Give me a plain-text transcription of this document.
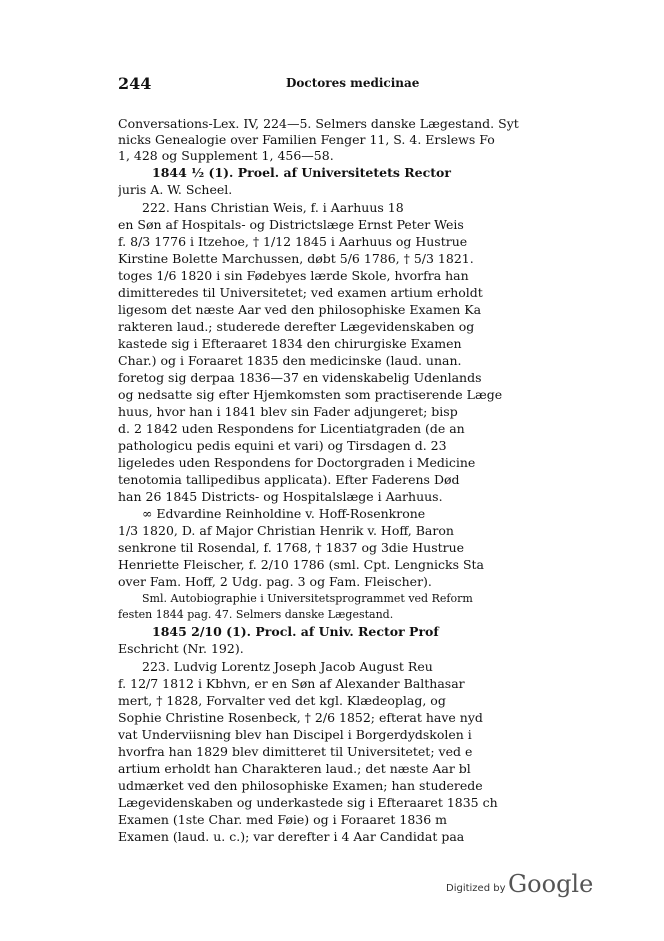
244	Doctores medicinae
Conversations-Lex. IV, 224—5. Selmers danske Lægestand. Syt
nicks Genealogie over Familien Fenger 11, S. 4. Erslews Fo
1, 428 og Supplement 1, 456—58.
1844 ½ (1). Proel. af Universitetets Rector
juris A. W. Scheel.
222. Hans Christian Weis, f. i Aarhuus 18
en Søn af Hospitals- og Districtslæge Ernst Peter Weis
f. 8/3 1776 i Itzehoe, † 1/12 1845 i Aarhuus og Hustrue
Kirstine Bolette Marchussen, døbt 5/6 1786, † 5/3 1821.
toges 1/6 1820 i sin Fødebyes lærde Skole, hvorfra han
dimitteredes til Universitetet; ved examen artium erholdt
ligesom det næste Aar ved den philosophiske Examen Ka
rakteren laud.; studerede derefter Lægevidenskaben og
kastede sig i Efteraaret 1834 den chirurgiske Examen
Char.) og i Foraaret 1835 den medicinske (laud. unan.
foretog sig derpaa 1836—37 en videnskabelig Udenlands
og nedsatte sig efter Hjemkomsten som practiserende Læge
huus, hvor han i 1841 blev sin Fader adjungeret; bisp
d. 2 1842 uden Respondens for Licentiatgraden (de an
pathologicu pedis equini et vari) og Tirsdagen d. 23
ligeledes uden Respondens for Doctorgraden i Medicine
tenotomia tallipedibus applicata). Efter Faderens Død
han 26 1845 Districts- og Hospitalslæge i Aarhuus.
∞ Edvardine Reinholdine v. Hoff-Rosenkrone
1/3 1820, D. af Major Christian Henrik v. Hoff, Baron
senkrone til Rosendal, f. 1768, † 1837 og 3die Hustrue
Henriette Fleischer, f. 2/10 1786 (sml. Cpt. Lengnicks Sta
over Fam. Hoff, 2 Udg. pag. 3 og Fam. Fleischer).
Sml. Autobiographie i Universitetsprogrammet ved Reform
festen 1844 pag. 47. Selmers danske Lægestand.
1845 2/10 (1). Procl. af Univ. Rector Prof
Eschricht (Nr. 192).
223. Ludvig Lorentz Joseph Jacob August Reu
f. 12/7 1812 i Kbhvn, er en Søn af Alexander Balthasar
mert, † 1828, Forvalter ved det kgl. Klædeoplag, og
Sophie Christine Rosenbeck, † 2/6 1852; efterat have nyd
vat Underviisning blev han Discipel i Borgerdydskolen i
hvorfra han 1829 blev dimitteret til Universitetet; ved e
artium erholdt han Charakteren laud.; det næste Aar bl
udmærket ved den philosophiske Examen; han studerede
Lægevidenskaben og underkastede sig i Efteraaret 1835 ch
Examen (1ste Char. med Føie) og i Foraaret 1836 m
Examen (laud. u. c.); var derefter i 4 Aar Candidat paa
Digitized by Google
